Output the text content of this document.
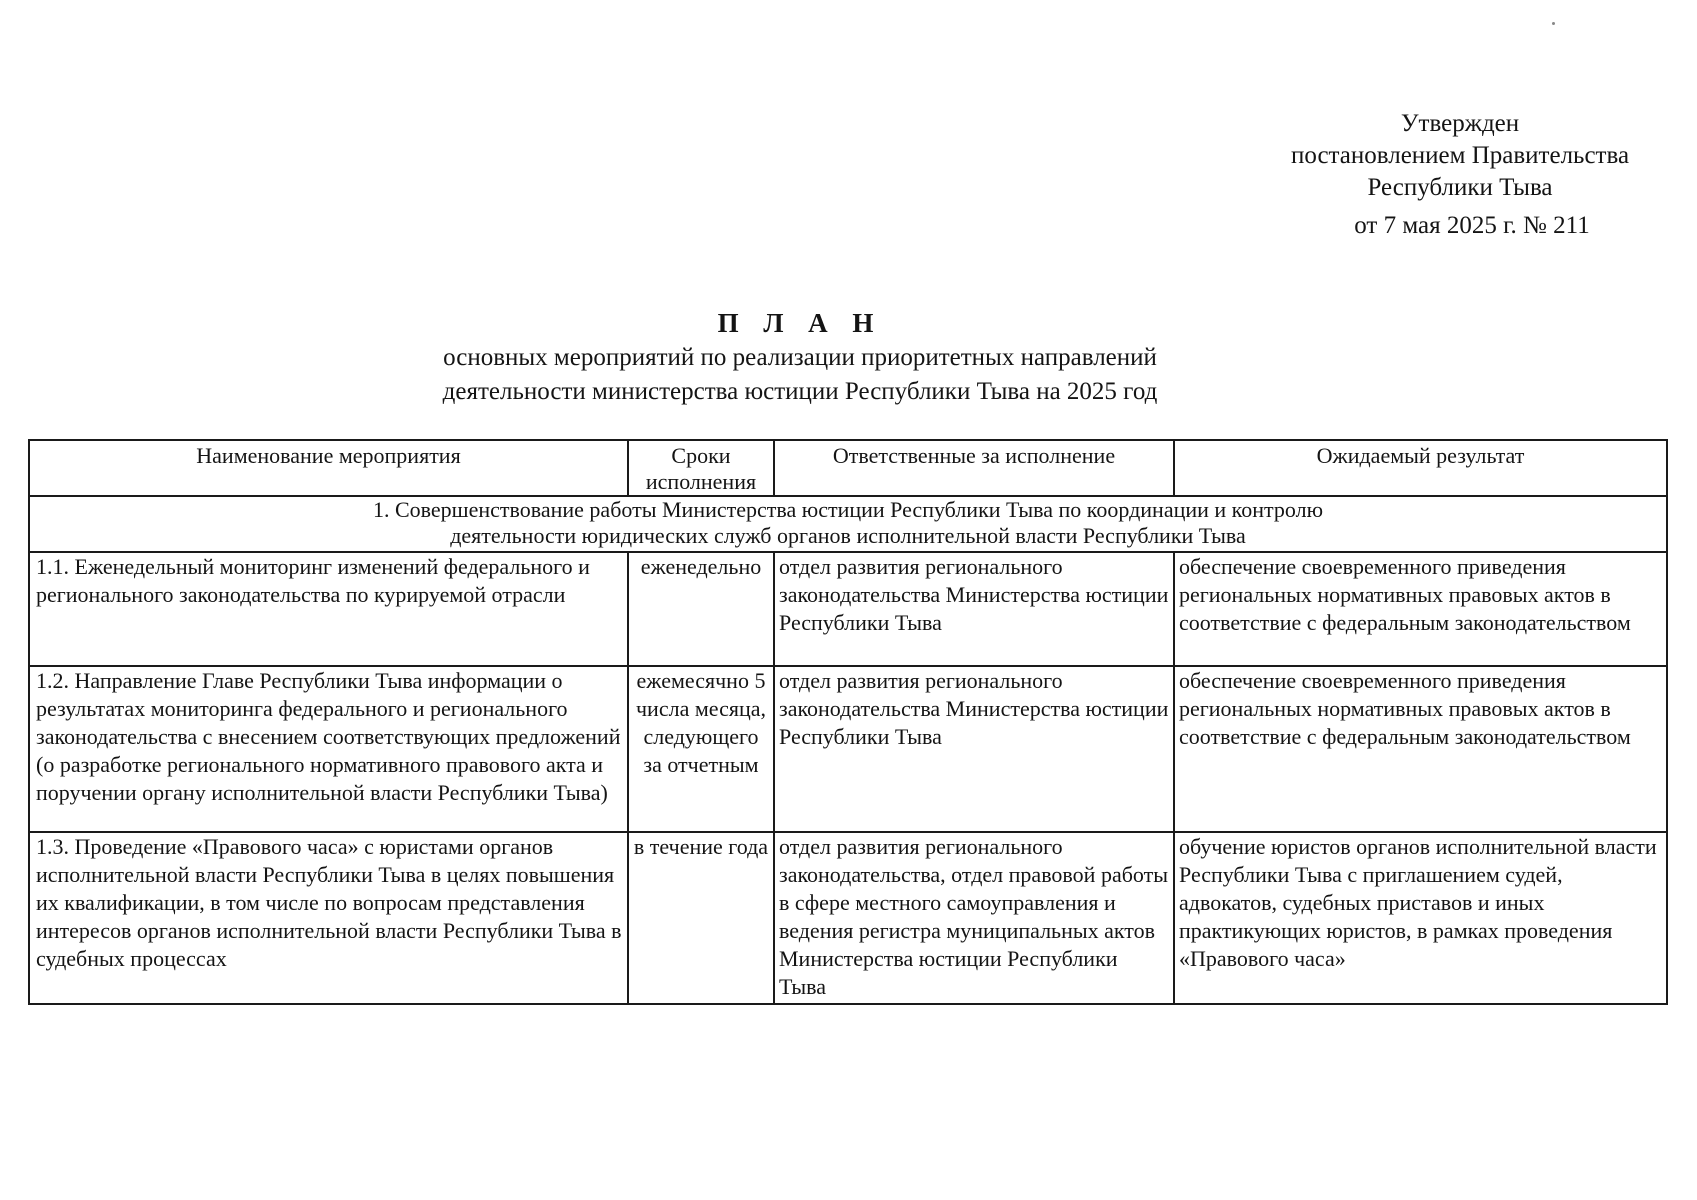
Утвержден
постановлением Правительства
Республики Тыва
от 7 мая 2025 г. № 211
П Л А Н
основных мероприятий по реализации приоритетных направлений
деятельности министерства юстиции Республики Тыва на 2025 год
Наименование мероприятия	Сроки исполнения	Ответственные за исполнение	Ожидаемый результат

1. Совершенствование работы Министерства юстиции Республики Тыва по координации и контролю
деятельности юридических служб органов исполнительной власти Республики Тыва			

1.1. Еженедельный мониторинг изменений федерального и регионального законодательства по курируемой отрасли	еженедельно	отдел развития регионального законодательства Министерства юстиции Республики Тыва	обеспечение своевременного приведения региональных нормативных правовых актов в соответствие с федеральным законодательством
1.2. Направление Главе Республики Тыва информации о результатах мониторинга федерального и регионального законодательства с внесением соответствующих предложений (о разработке регионального нормативного правового акта и поручении органу исполнительной власти Республики Тыва)	ежемесячно 5 числа месяца, следующего за отчетным	отдел развития регионального законодательства Министерства юстиции Республики Тыва	обеспечение своевременного приведения региональных нормативных правовых актов в соответствие с федеральным законодательством
1.3. Проведение «Правового часа» с юристами органов исполнительной власти Республики Тыва в целях повышения их квалификации, в том числе по вопросам представления интересов органов исполнительной власти Республики Тыва в судебных процессах	в течение года	отдел развития регионального законодательства, отдел правовой работы в сфере местного самоуправления и ведения регистра муниципальных актов Министерства юстиции Республики Тыва	обучение юристов органов исполнительной власти Республики Тыва с приглашением судей, адвокатов, судебных приставов и иных практикующих юристов, в рамках проведения «Правового часа»
